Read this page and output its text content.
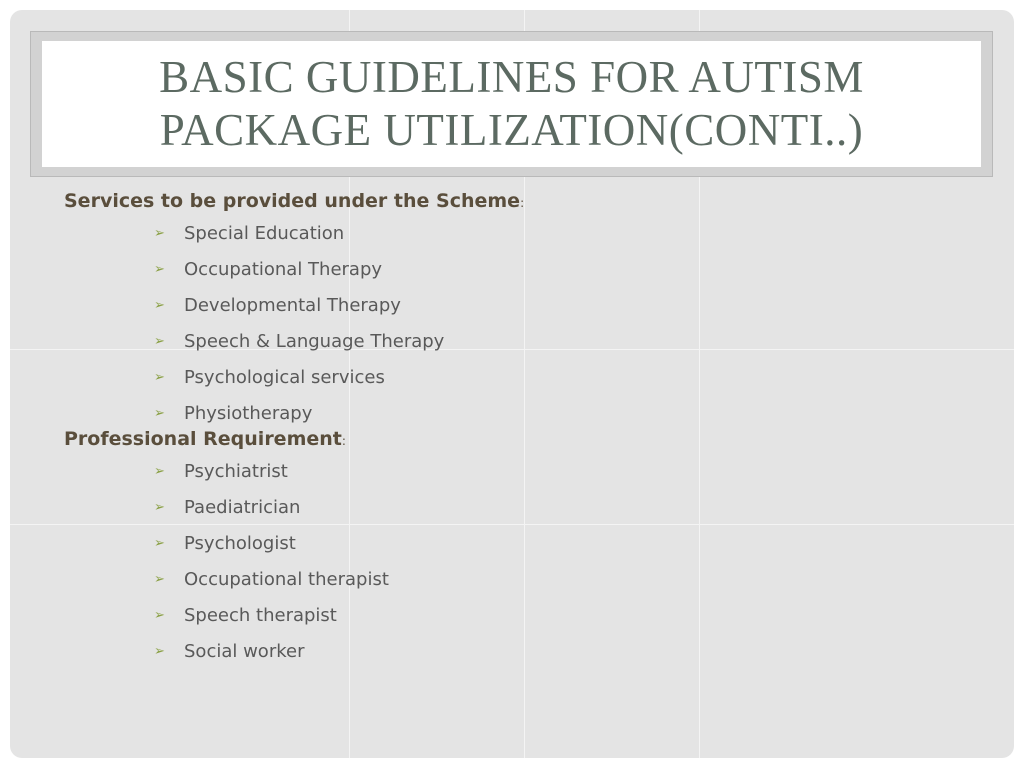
BASIC GUIDELINES FOR AUTISM
PACKAGE UTILIZATION(CONTI..)
Services to be provided under the Scheme:
➢ Special Education
➢ Occupational Therapy
➢ Developmental Therapy
➢ Speech & Language Therapy
➢ Psychological services
➢ Physiotherapy
Professional Requirement:
➢ Psychiatrist
➢ Paediatrician
➢ Psychologist
➢ Occupational therapist
➢ Speech therapist
➢ Social worker
